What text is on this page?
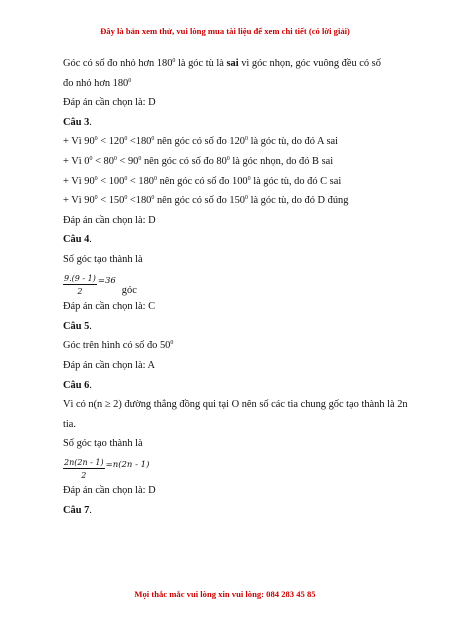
Đây là bản xem thử, vui lòng mua tài liệu để xem chi tiết (có lời giải)

Góc có số đo nhỏ hơn $180^0$ là góc tù là sai vì góc nhọn, góc vuông đều có số

đo nhỏ hơn $180^0$

Đáp án cần chọn là: D

Câu 3.

+ Vì $90^0 < 120^0 <180^0$ nên góc có số đo $120^0$ là góc tù, do đó A sai

+ Vì $0^0 < 80^0 < 90^0$ nên góc có số đo $80^0$ là góc nhọn, do đó B sai

+ Vì $90^0 < 100^0 < 180^0$ nên góc có số đo $100^0$ là góc tù, do đó C sai

+ Vì $90^0 < 150^0 <180^0$ nên góc có số đo $150^0$ là góc tù, do đó D đúng

Đáp án cần chọn là: D

Câu 4.

Số góc tạo thành là

$\frac{9.(9 - 1)}{2} =36$
góc

Đáp án cần chọn là: C

Câu 5.

Góc trên hình có số đo $50^0$

Đáp án cần chọn là: A

Câu 6.

Vì có n(n ≥ 2) đường thẳng đồng qui tại O nên số các tia chung gốc tạo thành là 2n tia.

Số góc tạo thành là

$\frac{2n(2n - 1)}{2} =n(2n - 1)$

Đáp án cần chọn là: D

Câu 7.

Mọi thắc mắc vui lòng xin vui lòng: 084 283 45 85
